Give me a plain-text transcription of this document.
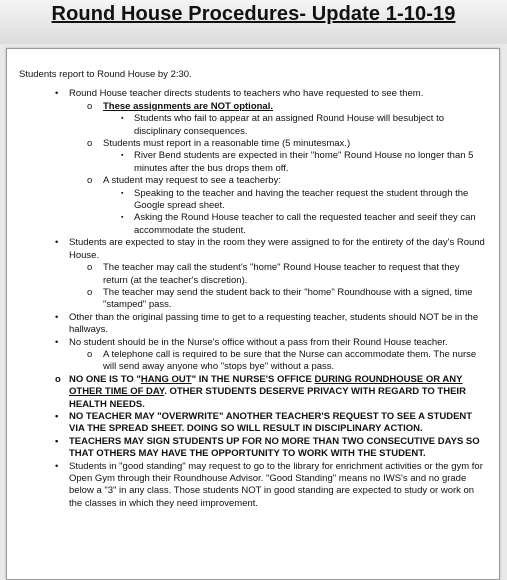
Round House Procedures- Update 1-10-19
Students report to Round House by 2:30.
• Round House teacher directs students to teachers who have requested to see them.
o These assignments are NOT optional.
▪ Students who fail to appear at an assigned Round House will besubject to disciplinary consequences.
o Students must report in a reasonable time (5 minutesmax.)
▪ River Bend students are expected in their "home" Round House no longer than 5 minutes after the bus drops them off.
o A student may request to see a teacherby:
▪ Speaking to the teacher and having the teacher request the student through the Google spread sheet.
▪ Asking the Round House teacher to call the requested teacher and seeif they can accommodate the student.
• Students are expected to stay in the room they were assigned to for the entirety of the day's Round House.
o The teacher may call the student's "home" Round House teacher to request that they return (at the teacher's discretion).
o The teacher may send the student back to their "home" Roundhouse with a signed, time "stamped" pass.
• Other than the original passing time to get to a requesting teacher, students should NOT be in the hallways.
• No student should be in the Nurse's office without a pass from their Round House teacher.
o A telephone call is required to be sure that the Nurse can accommodate them. The nurse will send away anyone who "stops bye" without a pass.
o NO ONE IS TO "HANG OUT" IN THE NURSE'S OFFICE DURING ROUNDHOUSE OR ANY OTHER TIME OF DAY. OTHER STUDENTS DESERVE PRIVACY WITH REGARD TO THEIR HEALTH NEEDS.
• NO TEACHER MAY "OVERWRITE" ANOTHER TEACHER'S REQUEST TO SEE A STUDENT VIA THE SPREAD SHEET. DOING SO WILL RESULT IN DISCIPLINARY ACTION.
• TEACHERS MAY SIGN STUDENTS UP FOR NO MORE THAN TWO CONSECUTIVE DAYS SO THAT OTHERS MAY HAVE THE OPPORTUNITY TO WORK WITH THE STUDENT.
• Students in "good standing" may request to go to the library for enrichment activities or the gym for Open Gym through their Roundhouse Advisor. "Good Standing" means no IWS's and no grade below a "3" in any class. Those students NOT in good standing are expected to study or work on the classes in which they need improvement.
